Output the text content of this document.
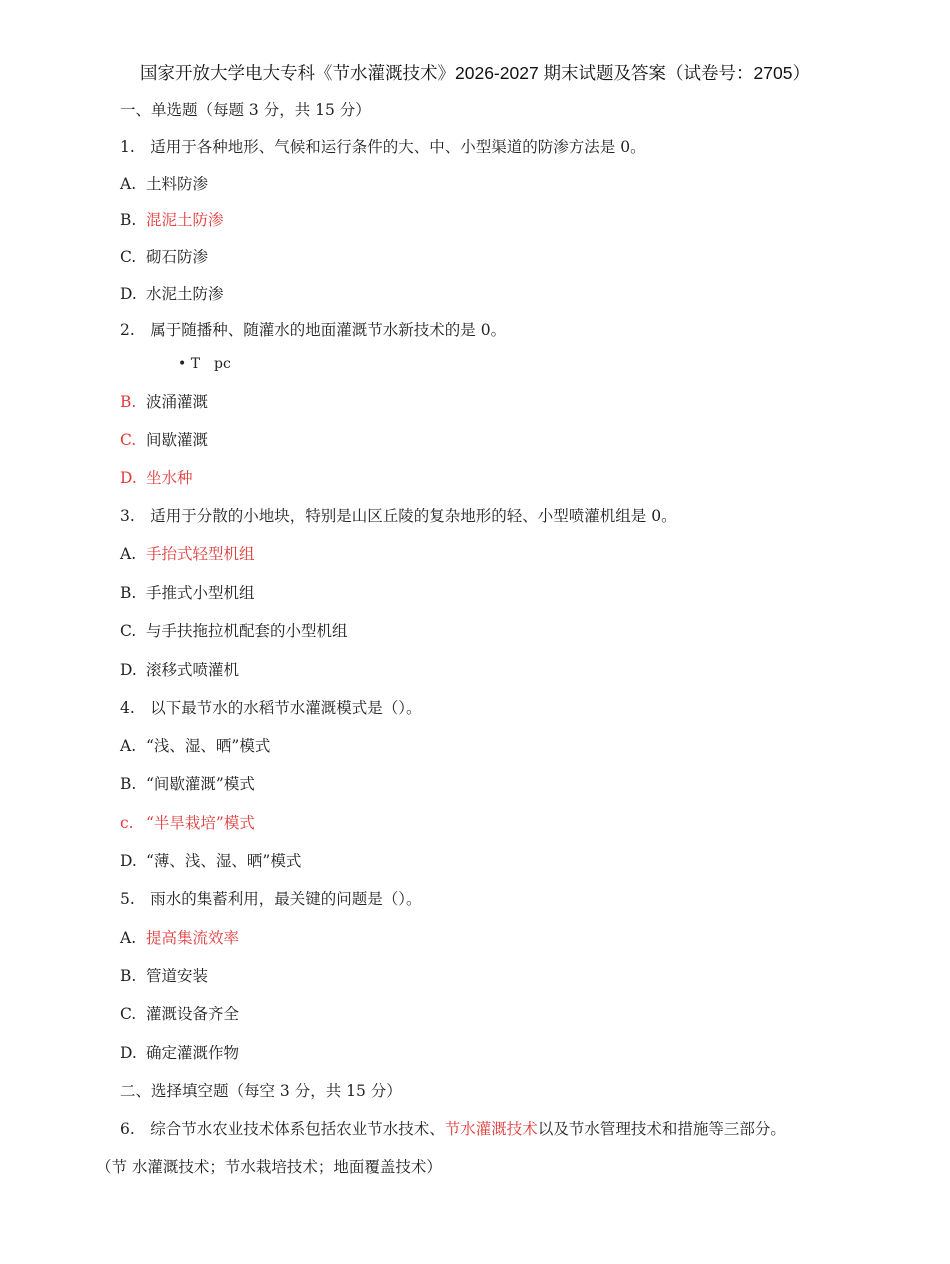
国家开放大学电大专科《节水灌溉技术》2026-2027 期末试题及答案（试卷号：2705）
一、单选题（每题 3 分，共 15 分）
1.　适用于各种地形、气候和运行条件的大、中、小型渠道的防渗方法是 0。
A. 土料防渗
B. 混泥土防渗
C. 砌石防渗
D. 水泥土防渗
2.　属于随播种、随灌水的地面灌溉节水新技术的是 0。
• T　pc
B. 波涌灌溉
C. 间歇灌溉
D. 坐水种
3.　适用于分散的小地块，特别是山区丘陵的复杂地形的轻、小型喷灌机组是 0。
A. 手抬式轻型机组
B. 手推式小型机组
C. 与手扶拖拉机配套的小型机组
D. 滚移式喷灌机
4.　以下最节水的水稻节水灌溉模式是（）。
A. “浅、湿、晒”模式
B. “间歇灌溉”模式
c. “半旱栽培”模式
D. “薄、浅、湿、晒”模式
5.　雨水的集蓄利用，最关键的问题是（）。
A. 提高集流效率
B. 管道安装
C. 灌溉设备齐全
D. 确定灌溉作物
二、选择填空题（每空 3 分，共 15 分）
6.　综合节水农业技术体系包括农业节水技术、节水灌溉技术以及节水管理技术和措施等三部分。
（节 水灌溉技术；节水栽培技术；地面覆盖技术）
